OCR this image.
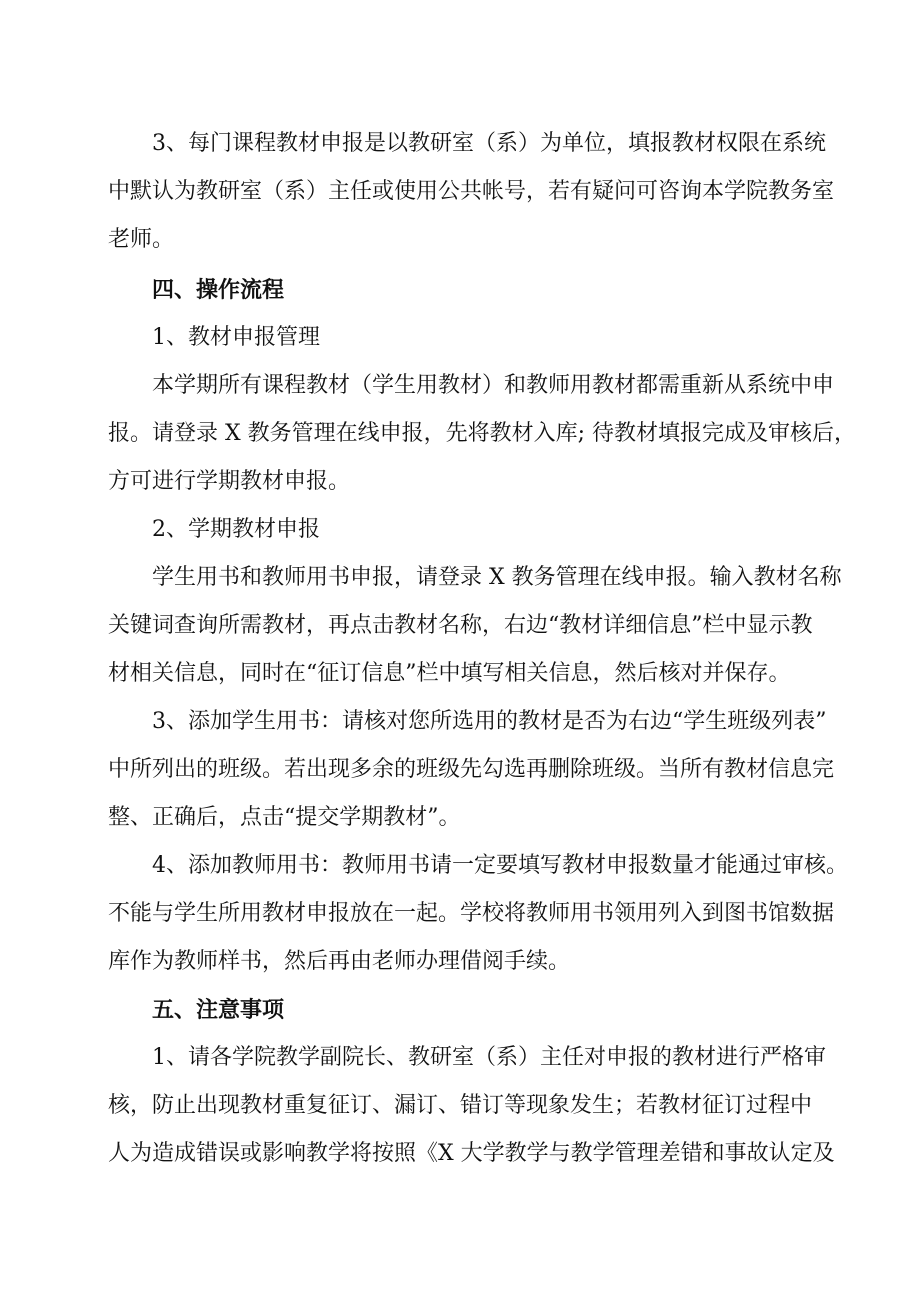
3、每门课程教材申报是以教研室（系）为单位，填报教材权限在系统
中默认为教研室（系）主任或使用公共帐号，若有疑问可咨询本学院教务室
老师。
四、操作流程
1、教材申报管理
本学期所有课程教材（学生用教材）和教师用教材都需重新从系统中申
报。请登录 X 教务管理在线申报，先将教材入库; 待教材填报完成及审核后，
方可进行学期教材申报。
2、学期教材申报
学生用书和教师用书申报，请登录 X 教务管理在线申报。输入教材名称
关键词查询所需教材，再点击教材名称，右边“教材详细信息”栏中显示教
材相关信息，同时在“征订信息”栏中填写相关信息，然后核对并保存。
3、添加学生用书：请核对您所选用的教材是否为右边“学生班级列表”
中所列出的班级。若出现多余的班级先勾选再删除班级。当所有教材信息完
整、正确后，点击“提交学期教材”。
4、添加教师用书：教师用书请一定要填写教材申报数量才能通过审核。
不能与学生所用教材申报放在一起。学校将教师用书领用列入到图书馆数据
库作为教师样书，然后再由老师办理借阅手续。
五、注意事项
1、请各学院教学副院长、教研室（系）主任对申报的教材进行严格审
核，防止出现教材重复征订、漏订、错订等现象发生；若教材征订过程中
人为造成错误或影响教学将按照《X 大学教学与教学管理差错和事故认定及
